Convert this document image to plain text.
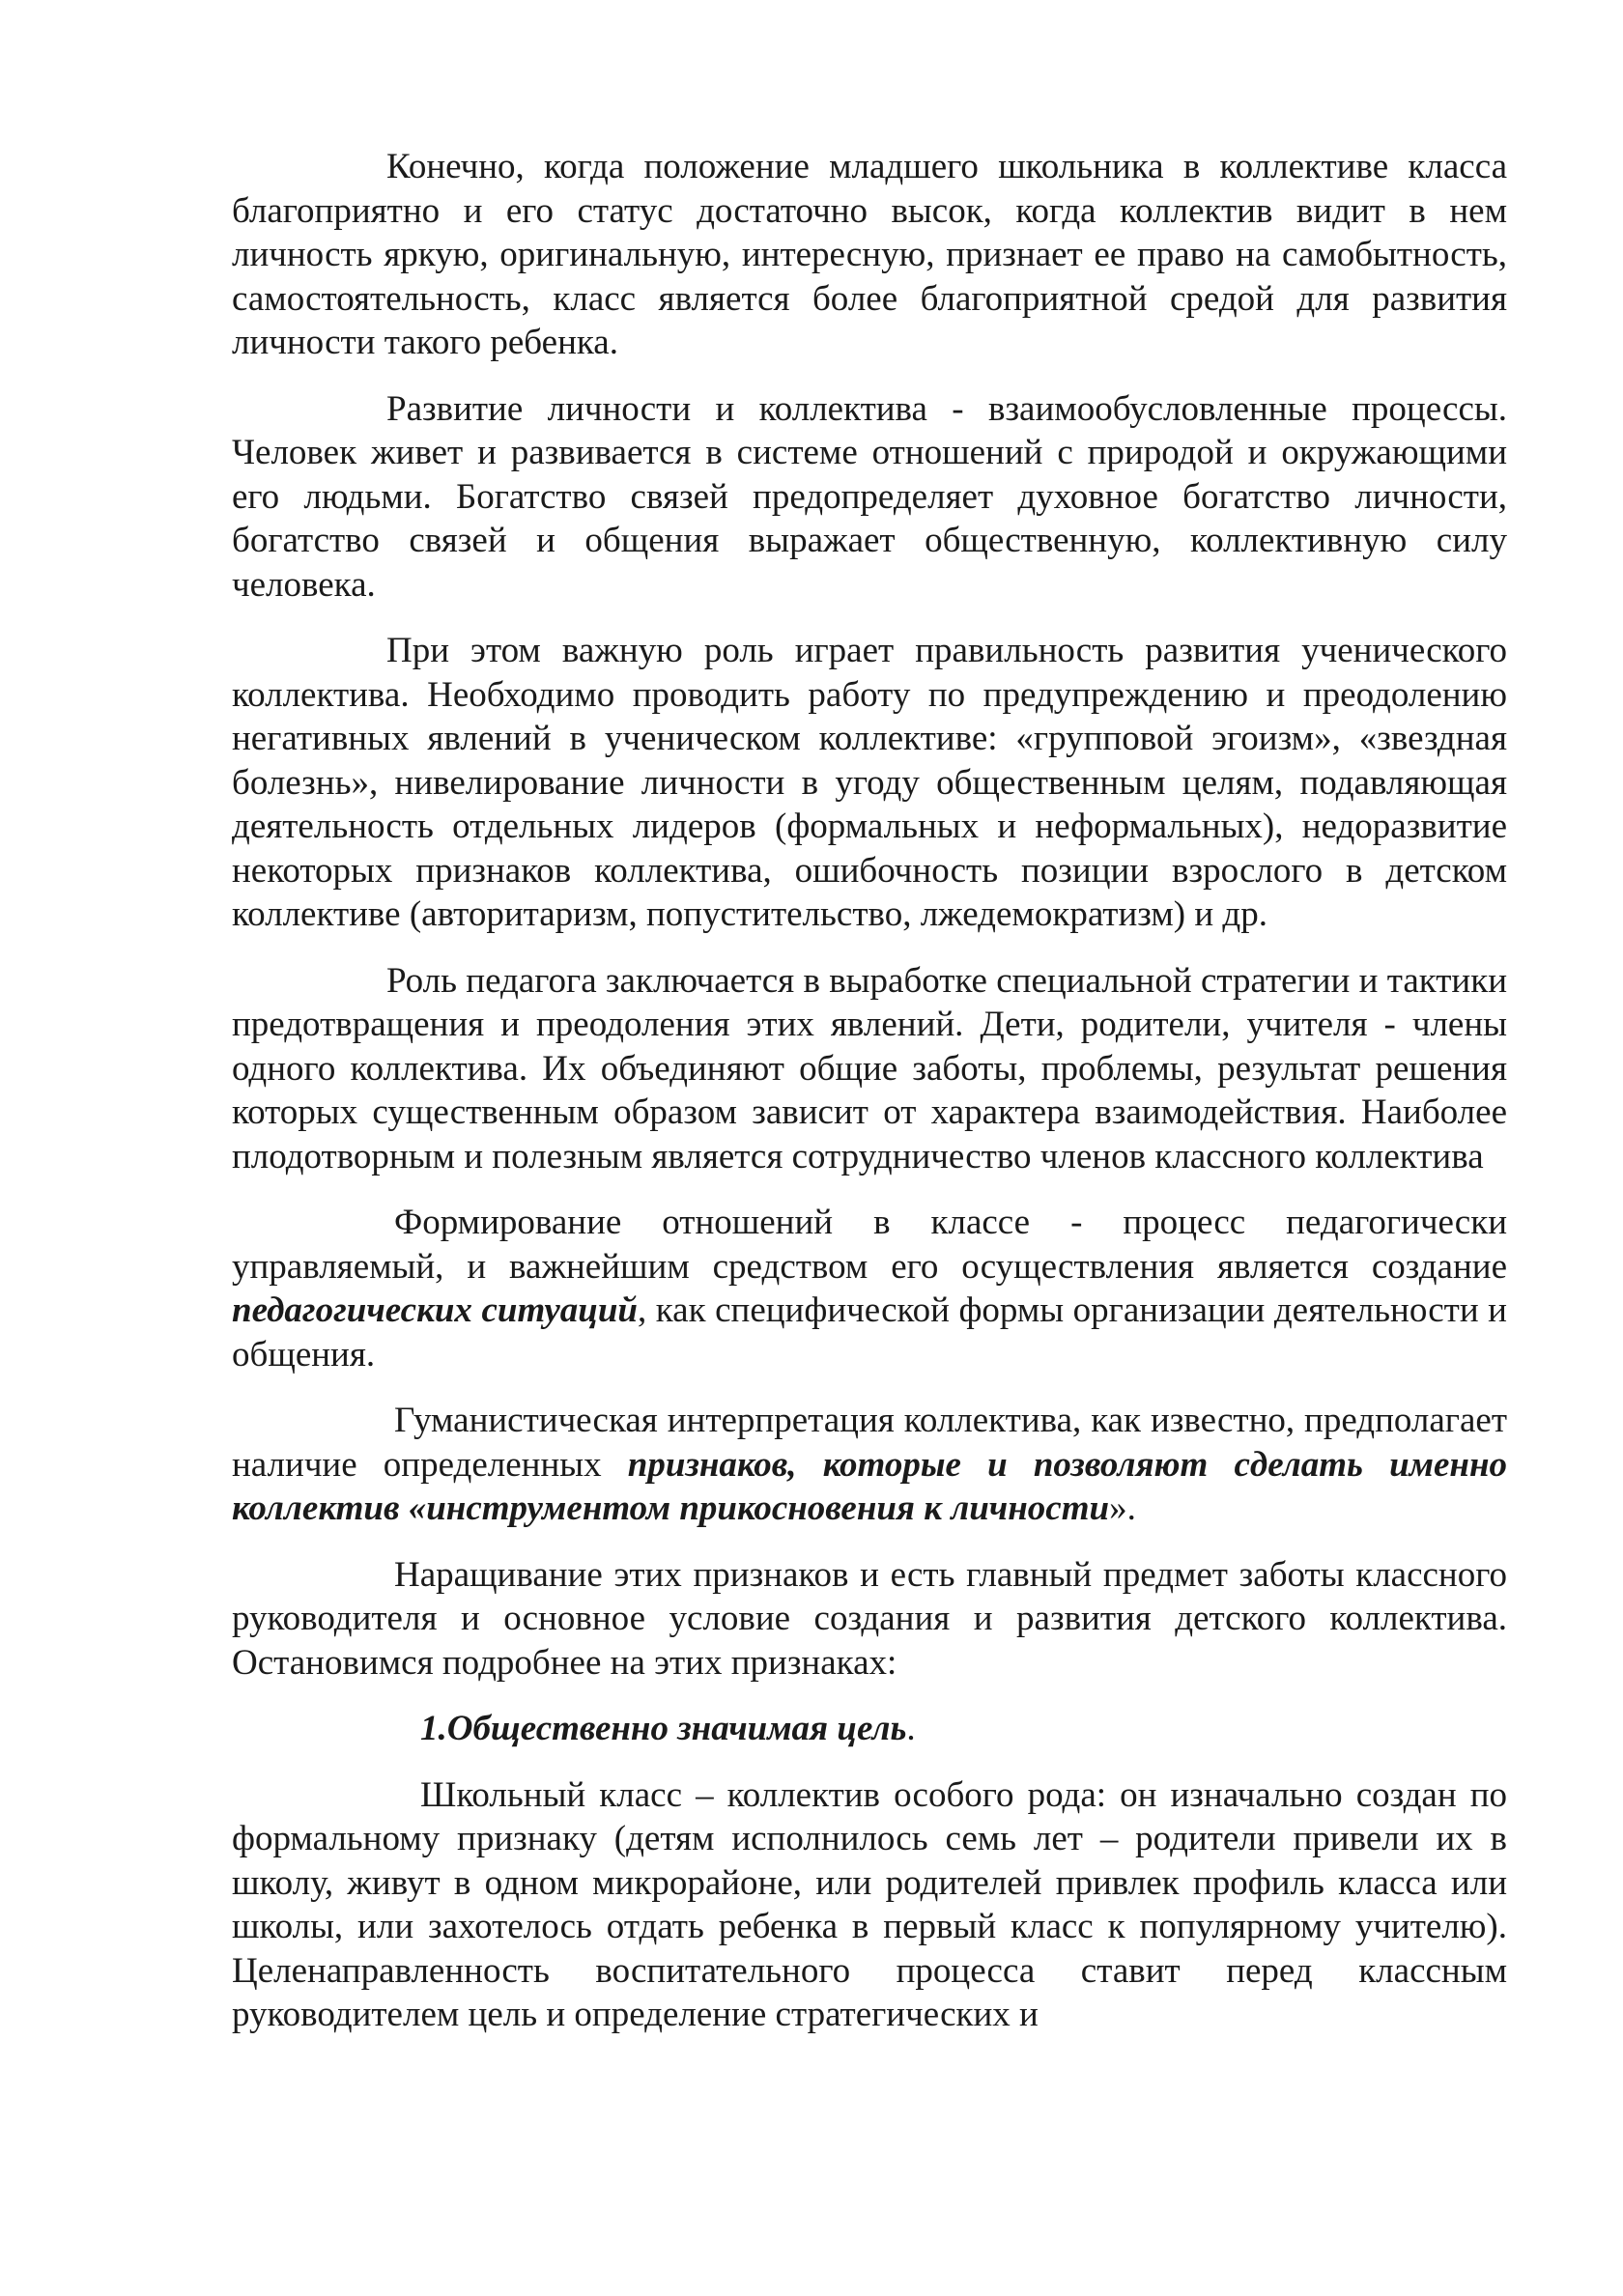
Конечно, когда положение младшего школьника в коллективе класса благоприятно и его статус достаточно высок, когда коллектив видит в нем личность яркую, оригинальную, интересную, признает ее право на самобытность, самостоятельность, класс является более благоприятной средой для развития личности такого ребенка.

Развитие личности и коллектива - взаимообусловленные процессы. Человек живет и развивается в системе отношений с природой и окружающими его людьми. Богатство связей предопределяет духовное богатство личности, богатство связей и общения выражает общественную, коллективную силу человека.

При этом важную роль играет правильность развития ученического коллектива. Необходимо проводить работу по предупреждению и преодолению негативных явлений в ученическом коллективе: «групповой эгоизм», «звездная болезнь», нивелирование личности в угоду общественным целям, подавляющая деятельность отдельных лидеров (формальных и неформальных), недоразвитие некоторых признаков коллектива, ошибочность позиции взрослого в детском коллективе (авторитаризм, попустительство, лжедемократизм) и др.

Роль педагога заключается в выработке специальной стратегии и тактики предотвращения и преодоления этих явлений. Дети, родители, учителя - члены одного коллектива. Их объединяют общие заботы, проблемы, результат решения которых существенным образом зависит от характера взаимодействия. Наиболее плодотворным и полезным является сотрудничество членов классного коллектива

Формирование отношений в классе - процесс педагогически управляемый, и важнейшим средством его осуществления является создание педагогических ситуаций, как специфической формы организации деятельности и общения.

Гуманистическая интерпретация коллектива, как известно, предполагает наличие определенных признаков, которые и позволяют сделать именно коллектив «инструментом прикосновения к личности».

Наращивание этих признаков и есть главный предмет заботы классного руководителя и основное условие создания и развития детского коллектива. Остановимся подробнее на этих признаках:

1.Общественно значимая цель.

Школьный класс – коллектив особого рода: он изначально создан по формальному признаку (детям исполнилось семь лет – родители привели их в школу, живут в одном микрорайоне, или родителей привлек профиль класса или школы, или захотелось отдать ребенка в первый класс к популярному учителю). Целенаправленность воспитательного процесса ставит перед классным руководителем цель и определение стратегических и
